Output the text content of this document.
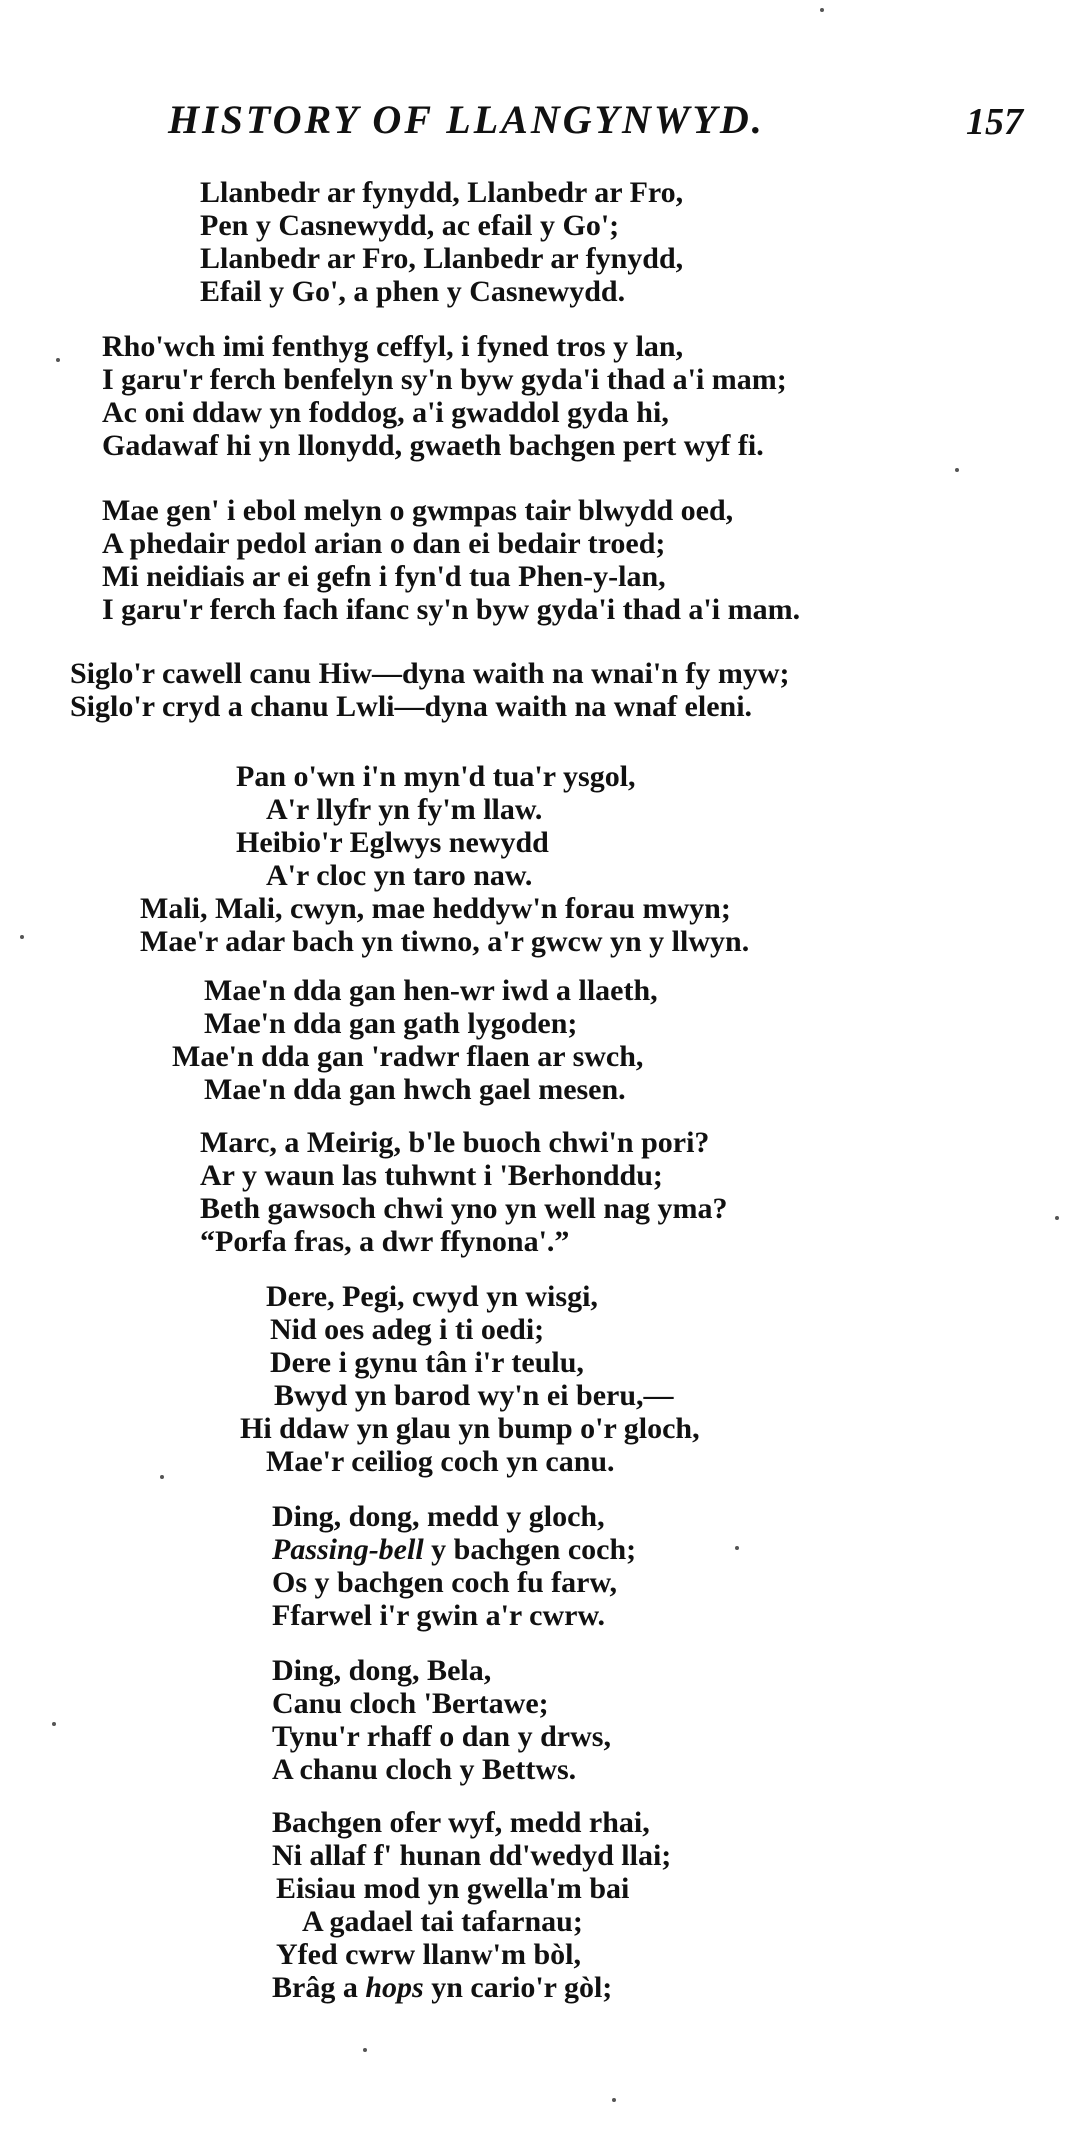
HISTORY OF LLANGYNWYD.	157
Llanbedr ar fynydd, Llanbedr ar Fro,
Pen y Casnewydd, ac efail y Go';
Llanbedr ar Fro, Llanbedr ar fynydd,
Efail y Go', a phen y Casnewydd.
Rho'wch imi fenthyg ceffyl, i fyned tros y lan,
I garu'r ferch benfelyn sy'n byw gyda'i thad a'i mam;
Ac oni ddaw yn foddog, a'i gwaddol gyda hi,
Gadawaf hi yn llonydd, gwaeth bachgen pert wyf fi.
Mae gen' i ebol melyn o gwmpas tair blwydd oed,
A phedair pedol arian o dan ei bedair troed;
Mi neidiais ar ei gefn i fyn'd tua Phen-y-lan,
I garu'r ferch fach ifanc sy'n byw gyda'i thad a'i mam.
Siglo'r cawell canu Hiw—dyna waith na wnai'n fy myw;
Siglo'r cryd a chanu Lwli—dyna waith na wnaf eleni.
Pan o'wn i'n myn'd tua'r ysgol,
A'r llyfr yn fy'm llaw.
Heibio'r Eglwys newydd
A'r cloc yn taro naw.
Mali, Mali, cwyn, mae heddyw'n forau mwyn;
Mae'r adar bach yn tiwno, a'r gwcw yn y llwyn.
Mae'n dda gan hen-wr iwd a llaeth,
Mae'n dda gan gath lygoden;
Mae'n dda gan 'radwr flaen ar swch,
Mae'n dda gan hwch gael mesen.
Marc, a Meirig, b'le buoch chwi'n pori?
Ar y waun las tuhwnt i 'Berhonddu;
Beth gawsoch chwi yno yn well nag yma?
“Porfa fras, a dwr ffynona'.”
Dere, Pegi, cwyd yn wisgi,
Nid oes adeg i ti oedi;
Dere i gynu tân i'r teulu,
Bwyd yn barod wy'n ei beru,—
Hi ddaw yn glau yn bump o'r gloch,
Mae'r ceiliog coch yn canu.
Ding, dong, medd y gloch,
Passing-bell y bachgen coch;
Os y bachgen coch fu farw,
Ffarwel i'r gwin a'r cwrw.
Ding, dong, Bela,
Canu cloch 'Bertawe;
Tynu'r rhaff o dan y drws,
A chanu cloch y Bettws.
Bachgen ofer wyf, medd rhai,
Ni allaf f' hunan dd'wedyd llai;
Eisiau mod yn gwella'm bai
A gadael tai tafarnau;
Yfed cwrw llanw'm bòl,
Brâg a hops yn cario'r gòl;
